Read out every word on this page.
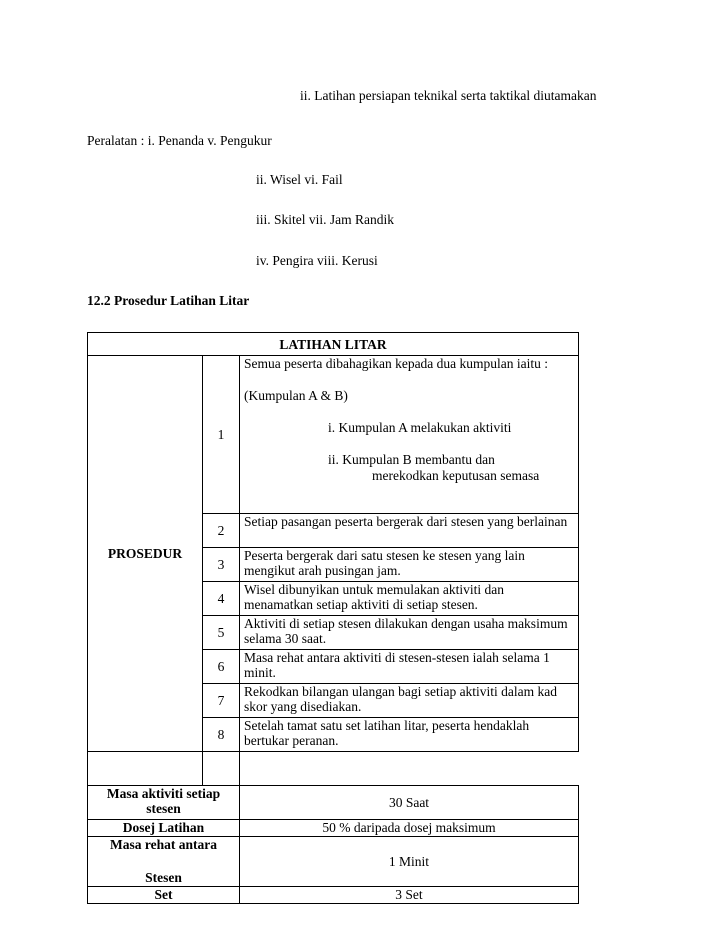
ii. Latihan persiapan teknikal serta taktikal diutamakan
Peralatan : i. Penanda v. Pengukur
ii. Wisel vi. Fail
iii. Skitel vii. Jam Randik
iv. Pengira viii. Kerusi
12.2 Prosedur Latihan Litar
LATIHAN LITAR		
PROSEDUR	1	Semua peserta dibahagikan kepada dua kumpulan iaitu :
(Kumpulan A & B)
i. Kumpulan A melakukan aktiviti
ii. Kumpulan B membantu dan
merekodkan keputusan semasa

	2	Setiap pasangan peserta bergerak dari stesen yang berlainan
	3	Peserta bergerak dari satu stesen ke stesen yang lain mengikut arah pusingan jam.
	4	Wisel dibunyikan untuk memulakan aktiviti dan menamatkan setiap aktiviti di setiap stesen.
	5	Aktiviti di setiap stesen dilakukan dengan usaha maksimum selama 30 saat.
	6	Masa rehat antara aktiviti di stesen-stesen ialah selama 1 minit.
	7	Rekodkan bilangan ulangan bagi setiap aktiviti dalam kad skor yang disediakan.
	8	Setelah tamat satu set latihan litar, peserta hendaklah bertukar peranan.

Masa aktiviti setiap stesen		30 Saat
Dosej Latihan		50 % daripada dosej maksimum

Masa rehat antara
Stesen		1 Minit
Set		3 Set
